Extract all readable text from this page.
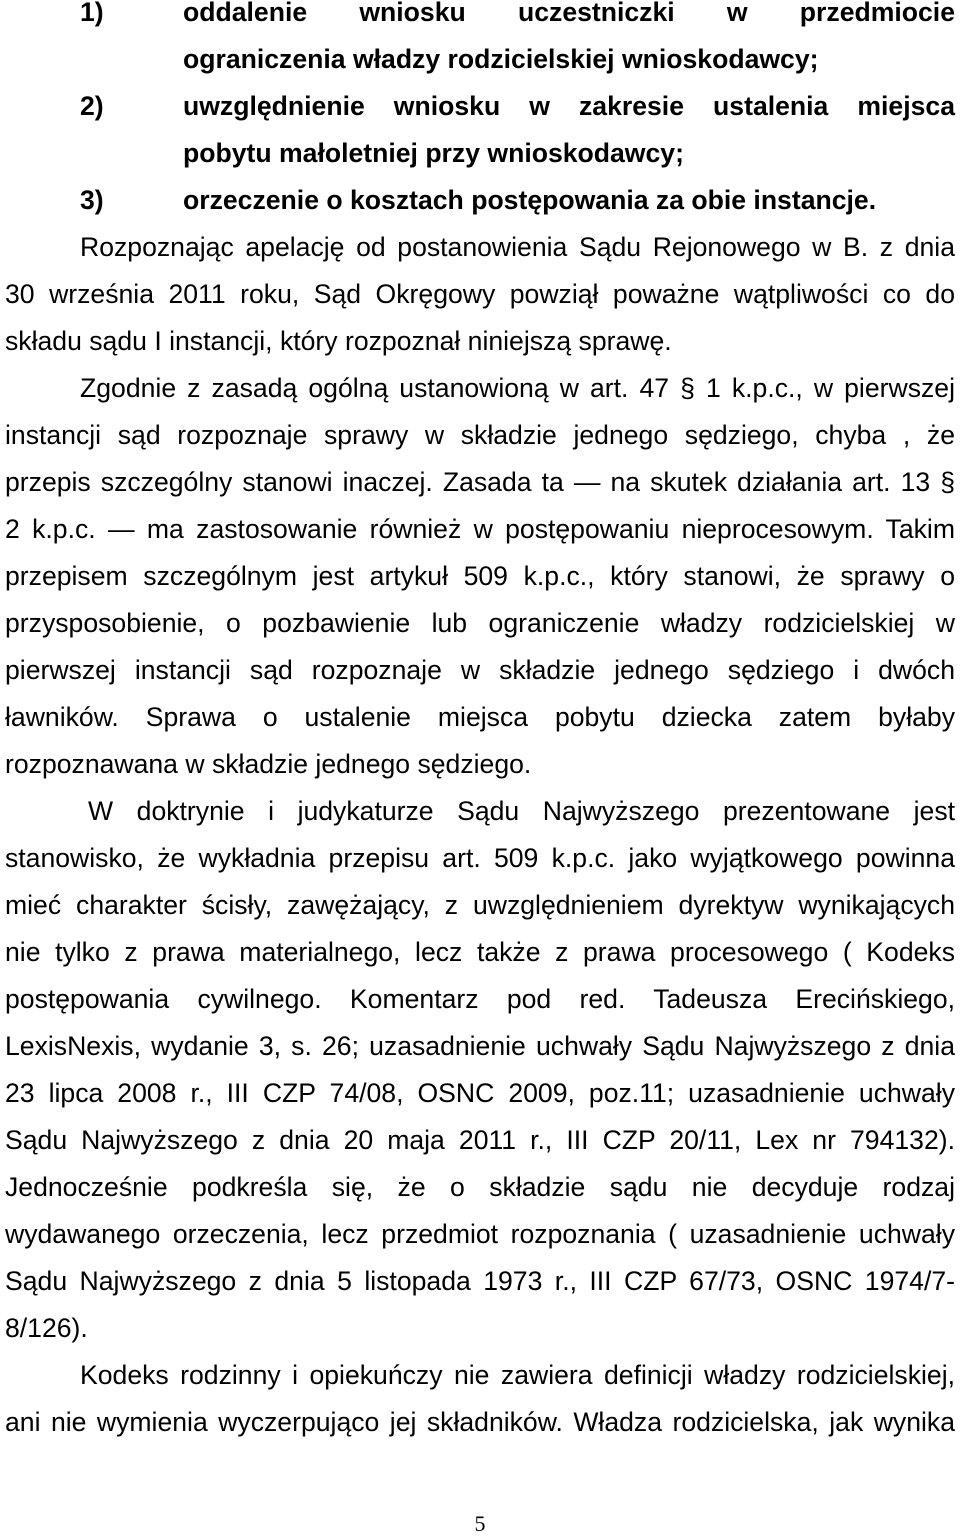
1)	oddalenie wniosku uczestniczki w przedmiocie
ograniczenia władzy rodzicielskiej wnioskodawcy;
2)	uwzględnienie wniosku w zakresie ustalenia miejsca
pobytu małoletniej przy wnioskodawcy;
3)	orzeczenie o kosztach postępowania za obie instancje.
Rozpoznając apelację od postanowienia Sądu Rejonowego w B. z dnia
30 września 2011 roku, Sąd Okręgowy powziął poważne wątpliwości co do
składu sądu I instancji, który rozpoznał niniejszą sprawę.
Zgodnie z zasadą ogólną ustanowioną w art. 47 § 1 k.p.c., w pierwszej
instancji sąd rozpoznaje sprawy w składzie jednego sędziego, chyba , że
przepis szczególny stanowi inaczej. Zasada ta — na skutek działania art. 13 §
2 k.p.c. — ma zastosowanie również w postępowaniu nieprocesowym. Takim
przepisem szczególnym jest artykuł 509 k.p.c., który stanowi, że sprawy o
przysposobienie, o pozbawienie lub ograniczenie władzy rodzicielskiej w
pierwszej instancji sąd rozpoznaje w składzie jednego sędziego i dwóch
ławników. Sprawa o ustalenie miejsca pobytu dziecka zatem byłaby
rozpoznawana w składzie jednego sędziego.
W doktrynie i judykaturze Sądu Najwyższego prezentowane jest
stanowisko, że wykładnia przepisu art. 509 k.p.c. jako wyjątkowego powinna
mieć charakter ścisły, zawężający, z uwzględnieniem dyrektyw wynikających
nie tylko z prawa materialnego, lecz także z prawa procesowego ( Kodeks
postępowania cywilnego. Komentarz pod red. Tadeusza Erecińskiego,
LexisNexis, wydanie 3, s. 26; uzasadnienie uchwały Sądu Najwyższego z dnia
23 lipca 2008 r., III CZP 74/08, OSNC 2009, poz.11; uzasadnienie uchwały
Sądu Najwyższego z dnia 20 maja 2011 r., III CZP 20/11, Lex nr 794132).
Jednocześnie podkreśla się, że o składzie sądu nie decyduje rodzaj
wydawanego orzeczenia, lecz przedmiot rozpoznania ( uzasadnienie uchwały
Sądu Najwyższego z dnia 5 listopada 1973 r., III CZP 67/73, OSNC 1974/7-
8/126).
Kodeks rodzinny i opiekuńczy nie zawiera definicji władzy rodzicielskiej,
ani nie wymienia wyczerpująco jej składników. Władza rodzicielska, jak wynika
5
